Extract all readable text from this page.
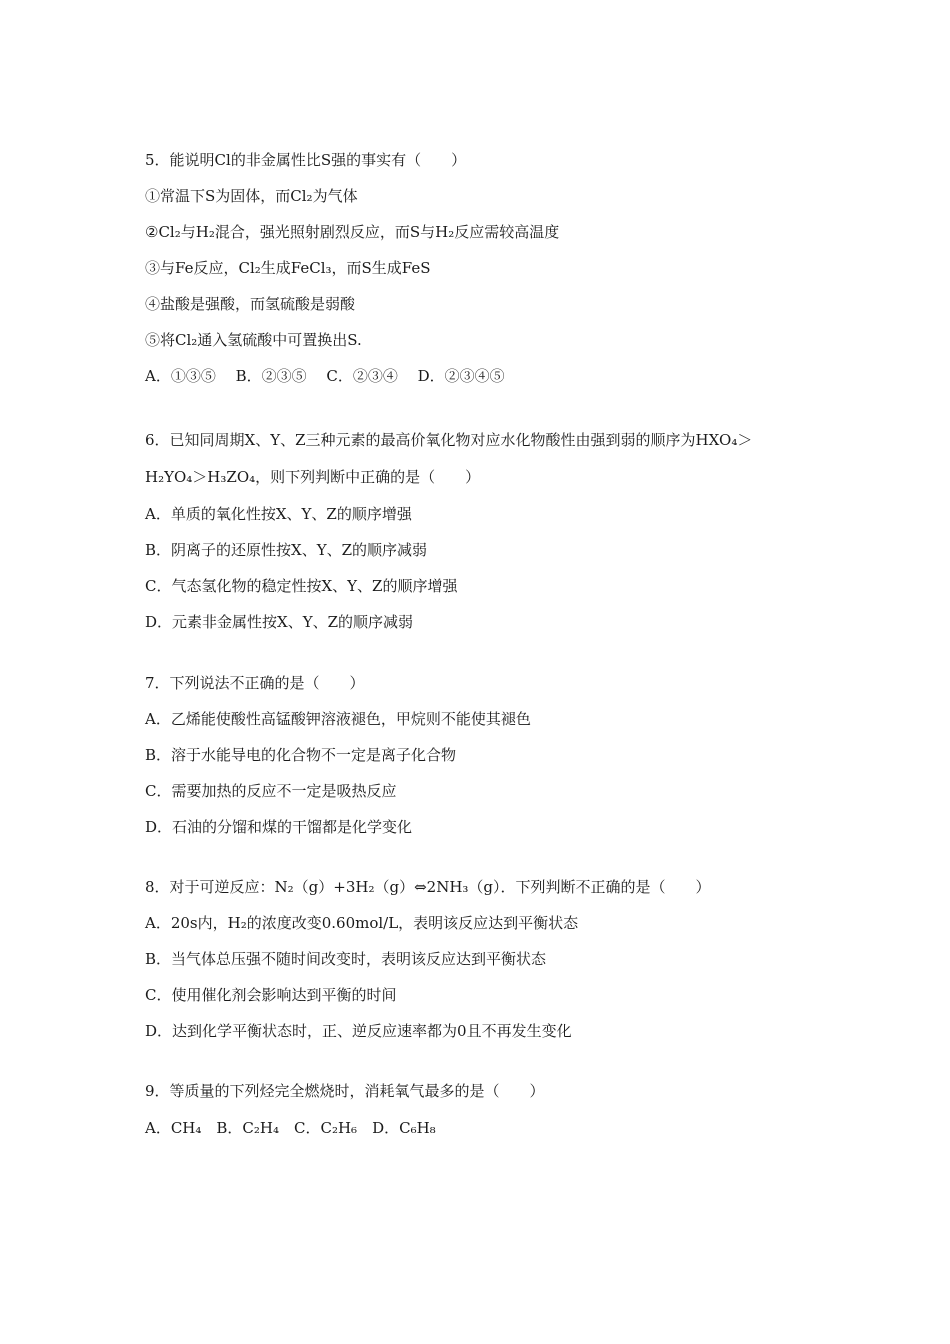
5．能说明Cl的非金属性比S强的事实有（　　）
①常温下S为固体，而Cl₂为气体
②Cl₂与H₂混合，强光照射剧烈反应，而S与H₂反应需较高温度
③与Fe反应，Cl₂生成FeCl₃，而S生成FeS
④盐酸是强酸，而氢硫酸是弱酸
⑤将Cl₂通入氢硫酸中可置换出S.
A．①③⑤　 B．②③⑤　 C．②③④　 D．②③④⑤
6．已知同周期X、Y、Z三种元素的最高价氧化物对应水化物酸性由强到弱的顺序为HXO₄＞
H₂YO₄＞H₃ZO₄，则下列判断中正确的是（　　）
A．单质的氧化性按X、Y、Z的顺序增强
B．阴离子的还原性按X、Y、Z的顺序减弱
C．气态氢化物的稳定性按X、Y、Z的顺序增强
D．元素非金属性按X、Y、Z的顺序减弱
7．下列说法不正确的是（　　）
A．乙烯能使酸性高锰酸钾溶液褪色，甲烷则不能使其褪色
B．溶于水能导电的化合物不一定是离子化合物
C．需要加热的反应不一定是吸热反应
D．石油的分馏和煤的干馏都是化学变化
8．对于可逆反应：N₂（g）+3H₂（g）⇔2NH₃（g）．下列判断不正确的是（　　）
A．20s内，H₂的浓度改变0.60mol/L，表明该反应达到平衡状态
B．当气体总压强不随时间改变时，表明该反应达到平衡状态
C．使用催化剂会影响达到平衡的时间
D．达到化学平衡状态时，正、逆反应速率都为0且不再发生变化
9．等质量的下列烃完全燃烧时，消耗氧气最多的是（　　）
A．CH₄　B．C₂H₄　C．C₂H₆　D．C₆H₈
